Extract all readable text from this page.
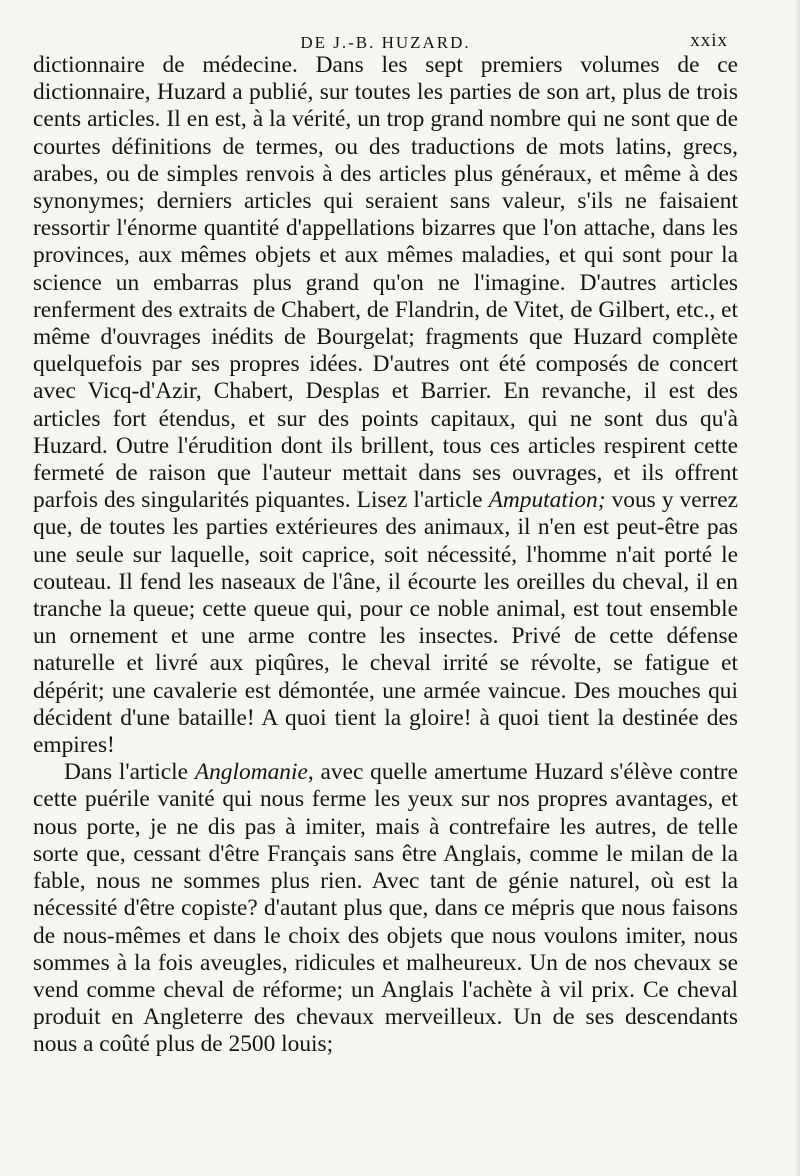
DE J.-B. HUZARD.	xxix

dictionnaire de médecine. Dans les sept premiers volumes de ce dictionnaire, Huzard a publié, sur toutes les parties de son art, plus de trois cents articles. Il en est, à la vérité, un trop grand nombre qui ne sont que de courtes définitions de termes, ou des traductions de mots latins, grecs, arabes, ou de simples renvois à des articles plus généraux, et même à des synonymes; derniers articles qui seraient sans valeur, s'ils ne faisaient ressortir l'énorme quantité d'appellations bizarres que l'on attache, dans les provinces, aux mêmes objets et aux mêmes maladies, et qui sont pour la science un embarras plus grand qu'on ne l'imagine. D'autres articles renferment des extraits de Chabert, de Flandrin, de Vitet, de Gilbert, etc., et même d'ouvrages inédits de Bourgelat; fragments que Huzard complète quelquefois par ses propres idées. D'autres ont été composés de concert avec Vicq-d'Azir, Chabert, Desplas et Barrier. En revanche, il est des articles fort étendus, et sur des points capitaux, qui ne sont dus qu'à Huzard. Outre l'érudition dont ils brillent, tous ces articles respirent cette fermeté de raison que l'auteur mettait dans ses ouvrages, et ils offrent parfois des singularités piquantes. Lisez l'article Amputation; vous y verrez que, de toutes les parties extérieures des animaux, il n'en est peut-être pas une seule sur laquelle, soit caprice, soit nécessité, l'homme n'ait porté le couteau. Il fend les naseaux de l'âne, il écourte les oreilles du cheval, il en tranche la queue; cette queue qui, pour ce noble animal, est tout ensemble un ornement et une arme contre les insectes. Privé de cette défense naturelle et livré aux piqûres, le cheval irrité se révolte, se fatigue et dépérit; une cavalerie est démontée, une armée vaincue. Des mouches qui décident d'une bataille! A quoi tient la gloire! à quoi tient la destinée des empires!

Dans l'article Anglomanie, avec quelle amertume Huzard s'élève contre cette puérile vanité qui nous ferme les yeux sur nos propres avantages, et nous porte, je ne dis pas à imiter, mais à contrefaire les autres, de telle sorte que, cessant d'être Français sans être Anglais, comme le milan de la fable, nous ne sommes plus rien. Avec tant de génie naturel, où est la nécessité d'être copiste? d'autant plus que, dans ce mépris que nous faisons de nous-mêmes et dans le choix des objets que nous voulons imiter, nous sommes à la fois aveugles, ridicules et malheureux. Un de nos chevaux se vend comme cheval de réforme; un Anglais l'achète à vil prix. Ce cheval produit en Angleterre des chevaux merveilleux. Un de ses descendants nous a coûté plus de 2500 louis;
